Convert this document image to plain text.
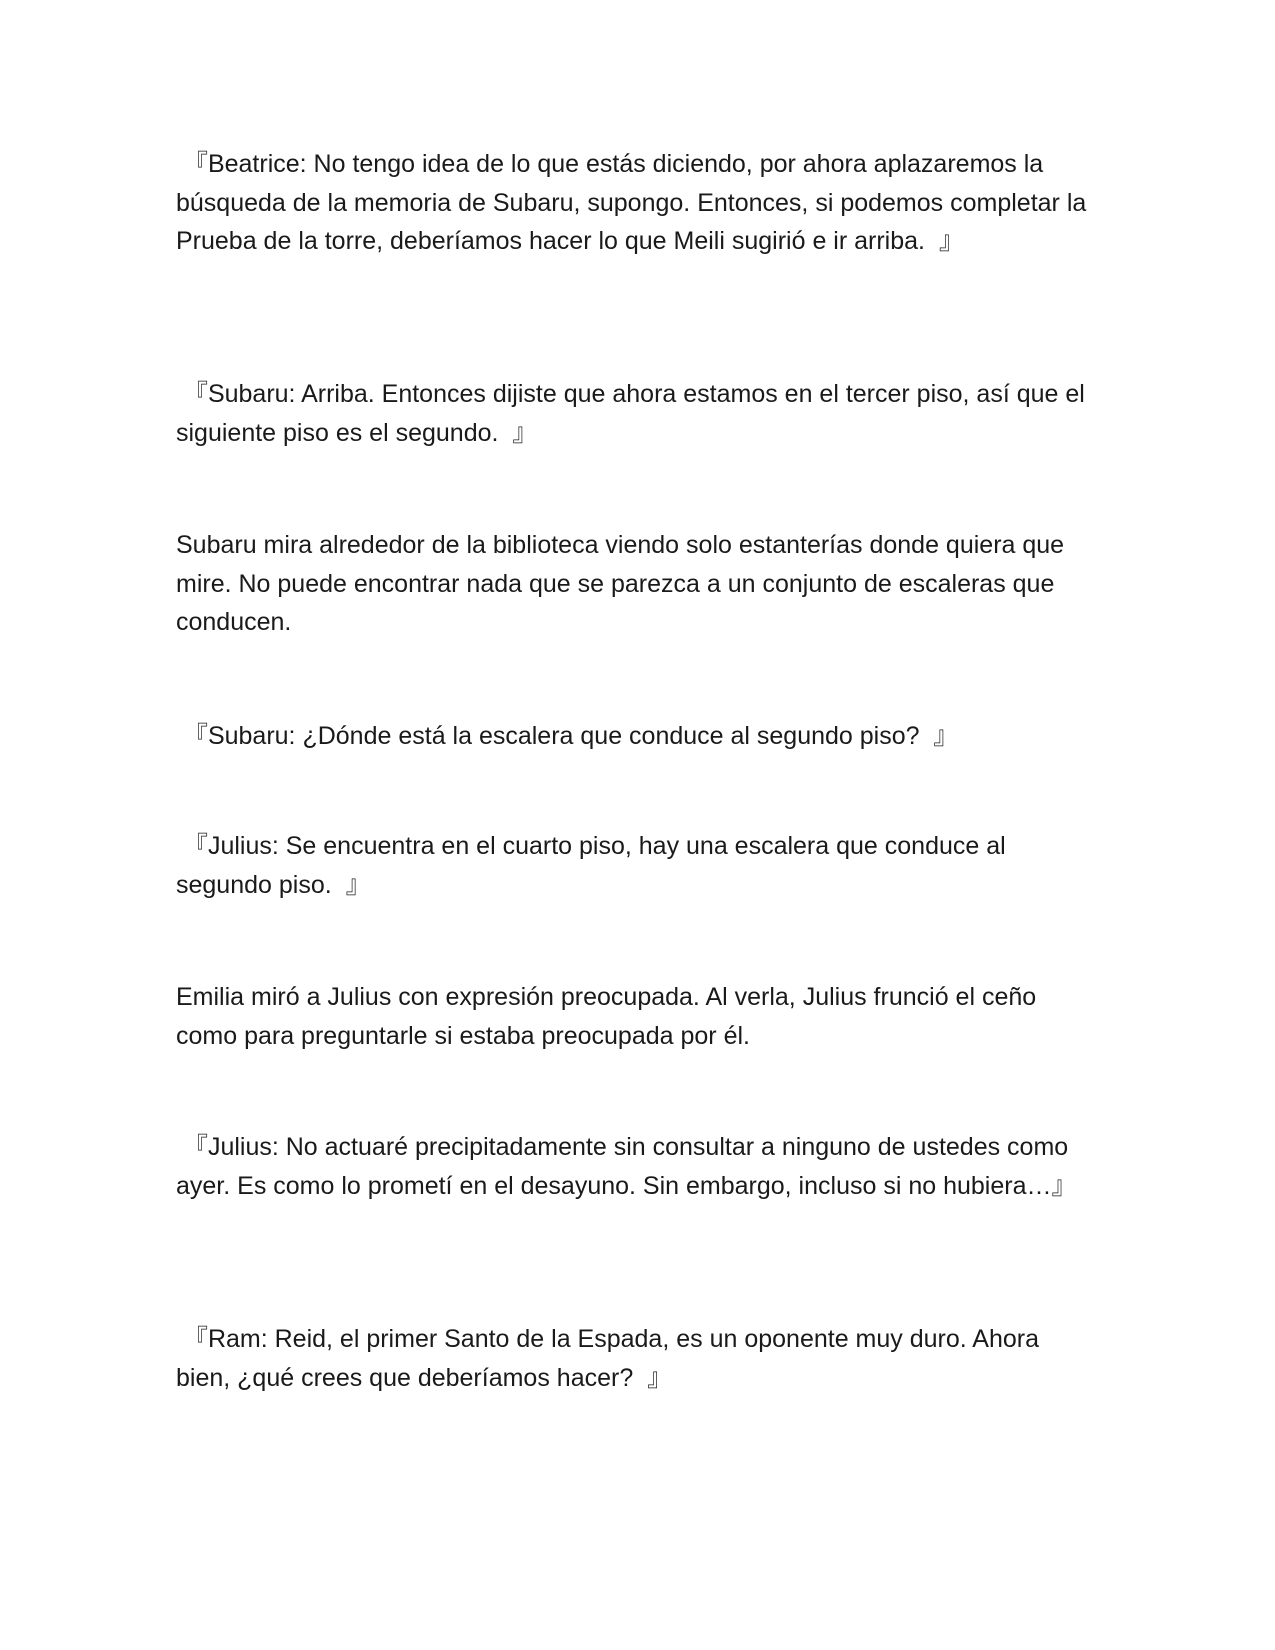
『Beatrice: No tengo idea de lo que estás diciendo, por ahora aplazaremos la búsqueda de la memoria de Subaru, supongo. Entonces, si podemos completar la Prueba de la torre, deberíamos hacer lo que Meili sugirió e ir arriba.  』

『Subaru: Arriba. Entonces dijiste que ahora estamos en el tercer piso, así que el siguiente piso es el segundo.  』

Subaru mira alrededor de la biblioteca viendo solo estanterías donde quiera que mire. No puede encontrar nada que se parezca a un conjunto de escaleras que conducen.

『Subaru: ¿Dónde está la escalera que conduce al segundo piso?  』

『Julius: Se encuentra en el cuarto piso, hay una escalera que conduce al segundo piso.  』

Emilia miró a Julius con expresión preocupada. Al verla, Julius frunció el ceño como para preguntarle si estaba preocupada por él.

『Julius: No actuaré precipitadamente sin consultar a ninguno de ustedes como ayer. Es como lo prometí en el desayuno. Sin embargo, incluso si no hubiera…』

『Ram: Reid, el primer Santo de la Espada, es un oponente muy duro. Ahora bien, ¿qué crees que deberíamos hacer?  』
